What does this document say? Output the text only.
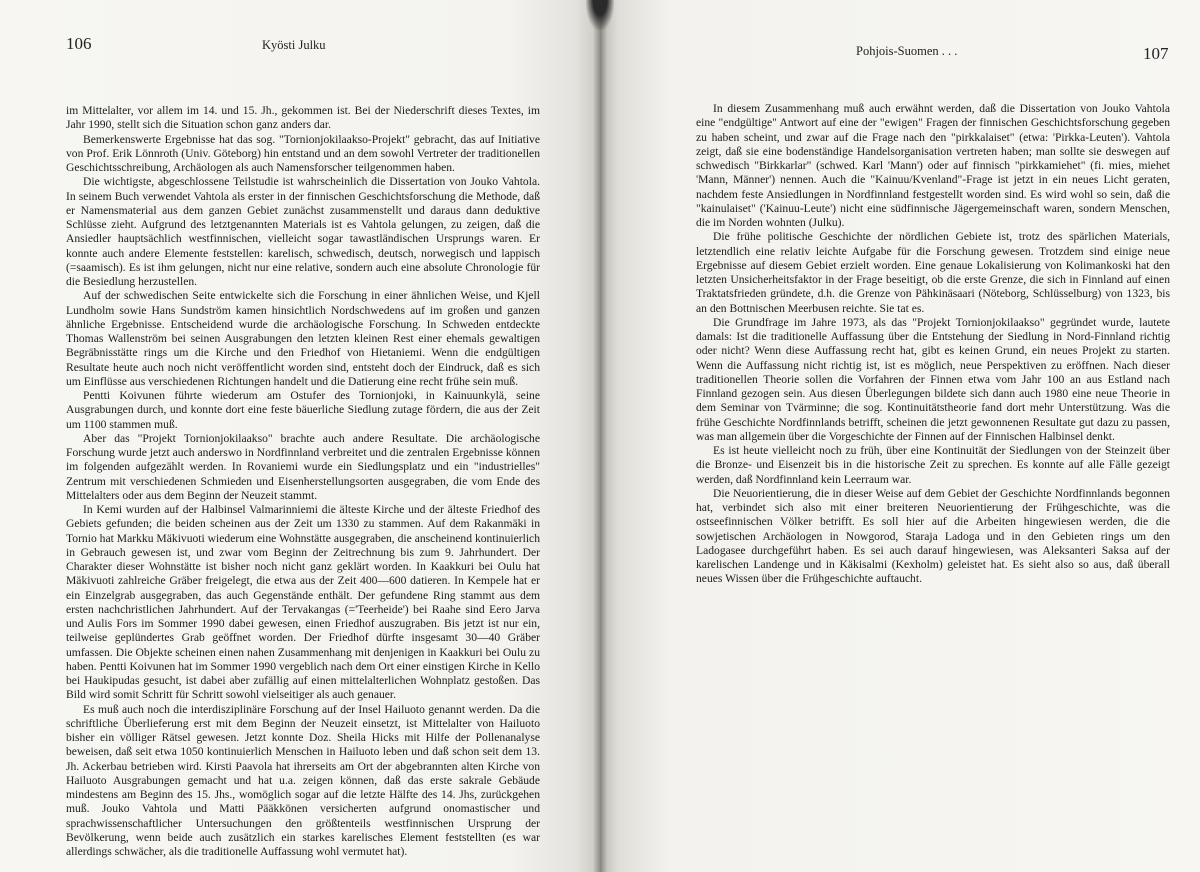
106	Kyösti Julku

im Mittelalter, vor allem im 14. und 15. Jh., gekommen ist. Bei der Niederschrift dieses Textes, im Jahr 1990, stellt sich die Situation schon ganz anders dar.

Bemerkenswerte Ergebnisse hat das sog. "Tornionjokilaakso-Projekt" gebracht, das auf Initiative von Prof. Erik Lönnroth (Univ. Göteborg) hin entstand und an dem sowohl Vertreter der traditionellen Geschichtsschreibung, Archäologen als auch Namensforscher teilgenommen haben.

Die wichtigste, abgeschlossene Teilstudie ist wahrscheinlich die Dissertation von Jouko Vahtola. In seinem Buch verwendet Vahtola als erster in der finnischen Geschichtsforschung die Methode, daß er Namensmaterial aus dem ganzen Gebiet zunächst zusammenstellt und daraus dann deduktive Schlüsse zieht. Aufgrund des letztgenannten Materials ist es Vahtola gelungen, zu zeigen, daß die Ansiedler hauptsächlich westfinnischen, vielleicht sogar tawastländischen Ursprungs waren. Er konnte auch andere Elemente feststellen: karelisch, schwedisch, deutsch, norwegisch und lappisch (=saamisch). Es ist ihm gelungen, nicht nur eine relative, sondern auch eine absolute Chronologie für die Besiedlung herzustellen.

Auf der schwedischen Seite entwickelte sich die Forschung in einer ähnlichen Weise, und Kjell Lundholm sowie Hans Sundström kamen hinsichtlich Nordschwedens auf im großen und ganzen ähnliche Ergebnisse. Entscheidend wurde die archäologische Forschung. In Schweden entdeckte Thomas Wallenström bei seinen Ausgrabungen den letzten kleinen Rest einer ehemals gewaltigen Begräbnisstätte rings um die Kirche und den Friedhof von Hietaniemi. Wenn die endgültigen Resultate heute auch noch nicht veröffentlicht worden sind, entsteht doch der Eindruck, daß es sich um Einflüsse aus verschiedenen Richtungen handelt und die Datierung eine recht frühe sein muß.

Pentti Koivunen führte wiederum am Ostufer des Tornionjoki, in Kainuunkylä, seine Ausgrabungen durch, und konnte dort eine feste bäuerliche Siedlung zutage fördern, die aus der Zeit um 1100 stammen muß.

Aber das "Projekt Tornionjokilaakso" brachte auch andere Resultate. Die archäologische Forschung wurde jetzt auch anderswo in Nordfinnland verbreitet und die zentralen Ergebnisse können im folgenden aufgezählt werden. In Rovaniemi wurde ein Siedlungsplatz und ein "industrielles" Zentrum mit verschiedenen Schmieden und Eisenherstellungsorten ausgegraben, die vom Ende des Mittelalters oder aus dem Beginn der Neuzeit stammt.

In Kemi wurden auf der Halbinsel Valmarinniemi die älteste Kirche und der älteste Friedhof des Gebiets gefunden; die beiden scheinen aus der Zeit um 1330 zu stammen. Auf dem Rakanmäki in Tornio hat Markku Mäkivuoti wiederum eine Wohnstätte ausgegraben, die anscheinend kontinuierlich in Gebrauch gewesen ist, und zwar vom Beginn der Zeitrechnung bis zum 9. Jahrhundert. Der Charakter dieser Wohnstätte ist bisher noch nicht ganz geklärt worden. In Kaakkuri bei Oulu hat Mäkivuoti zahlreiche Gräber freigelegt, die etwa aus der Zeit 400—600 datieren. In Kempele hat er ein Einzelgrab ausgegraben, das auch Gegenstände enthält. Der gefundene Ring stammt aus dem ersten nachchristlichen Jahrhundert. Auf der Tervakangas (='Teerheide') bei Raahe sind Eero Jarva und Aulis Fors im Sommer 1990 dabei gewesen, einen Friedhof auszugraben. Bis jetzt ist nur ein, teilweise geplündertes Grab geöffnet worden. Der Friedhof dürfte insgesamt 30—40 Gräber umfassen. Die Objekte scheinen einen nahen Zusammenhang mit denjenigen in Kaakkuri bei Oulu zu haben. Pentti Koivunen hat im Sommer 1990 vergeblich nach dem Ort einer einstigen Kirche in Kello bei Haukipudas gesucht, ist dabei aber zufällig auf einen mittelalterlichen Wohnplatz gestoßen. Das Bild wird somit Schritt für Schritt sowohl vielseitiger als auch genauer.

Es muß auch noch die interdisziplinäre Forschung auf der Insel Hailuoto genannt werden. Da die schriftliche Überlieferung erst mit dem Beginn der Neuzeit einsetzt, ist Mittelalter von Hailuoto bisher ein völliger Rätsel gewesen. Jetzt konnte Doz. Sheila Hicks mit Hilfe der Pollenanalyse beweisen, daß seit etwa 1050 kontinuierlich Menschen in Hailuoto leben und daß schon seit dem 13. Jh. Ackerbau betrieben wird. Kirsti Paavola hat ihrerseits am Ort der abgebrannten alten Kirche von Hailuoto Ausgrabungen gemacht und hat u.a. zeigen können, daß das erste sakrale Gebäude mindestens am Beginn des 15. Jhs., womöglich sogar auf die letzte Hälfte des 14. Jhs, zurückgehen muß. Jouko Vahtola und Matti Pääkkönen versicherten aufgrund onomastischer und sprachwissenschaftlicher Untersuchungen den größtenteils westfinnischen Ursprung der Bevölkerung, wenn beide auch zusätzlich ein starkes karelisches Element feststellten (es war allerdings schwächer, als die traditionelle Auffassung wohl vermutet hat).

107
Pohjois-Suomen . . .

In diesem Zusammenhang muß auch erwähnt werden, daß die Dissertation von Jouko Vahtola eine "endgültige" Antwort auf eine der "ewigen" Fragen der finnischen Geschichtsforschung gegeben zu haben scheint, und zwar auf die Frage nach den "pirkkalaiset" (etwa: 'Pirkka-Leuten'). Vahtola zeigt, daß sie eine bodenständige Handelsorganisation vertreten haben; man sollte sie deswegen auf schwedisch "Birkkarlar" (schwed. Karl 'Mann') oder auf finnisch "pirkkamiehet" (fi. mies, miehet 'Mann, Männer') nennen. Auch die "Kainuu/Kvenland"-Frage ist jetzt in ein neues Licht geraten, nachdem feste Ansiedlungen in Nordfinnland festgestellt worden sind. Es wird wohl so sein, daß die "kainulaiset" ('Kainuu-Leute') nicht eine südfinnische Jägergemeinschaft waren, sondern Menschen, die im Norden wohnten (Julku).

Die frühe politische Geschichte der nördlichen Gebiete ist, trotz des spärlichen Materials, letztendlich eine relativ leichte Aufgabe für die Forschung gewesen. Trotzdem sind einige neue Ergebnisse auf diesem Gebiet erzielt worden. Eine genaue Lokalisierung von Kolimankoski hat den letzten Unsicherheitsfaktor in der Frage beseitigt, ob die erste Grenze, die sich in Finnland auf einen Traktatsfrieden gründete, d.h. die Grenze von Pähkinäsaari (Nöteborg, Schlüsselburg) von 1323, bis an den Bottnischen Meerbusen reichte. Sie tat es.

Die Grundfrage im Jahre 1973, als das "Projekt Tornionjokilaakso" gegründet wurde, lautete damals: Ist die traditionelle Auffassung über die Entstehung der Siedlung in Nord-Finnland richtig oder nicht? Wenn diese Auffassung recht hat, gibt es keinen Grund, ein neues Projekt zu starten. Wenn die Auffassung nicht richtig ist, ist es möglich, neue Perspektiven zu eröffnen. Nach dieser traditionellen Theorie sollen die Vorfahren der Finnen etwa vom Jahr 100 an aus Estland nach Finnland gezogen sein. Aus diesen Überlegungen bildete sich dann auch 1980 eine neue Theorie in dem Seminar von Tvärminne; die sog. Kontinuitätstheorie fand dort mehr Unterstützung. Was die frühe Geschichte Nordfinnlands betrifft, scheinen die jetzt gewonnenen Resultate gut dazu zu passen, was man allgemein über die Vorgeschichte der Finnen auf der Finnischen Halbinsel denkt.

Es ist heute vielleicht noch zu früh, über eine Kontinuität der Siedlungen von der Steinzeit über die Bronze- und Eisenzeit bis in die historische Zeit zu sprechen. Es konnte auf alle Fälle gezeigt werden, daß Nordfinnland kein Leerraum war.

Die Neuorientierung, die in dieser Weise auf dem Gebiet der Geschichte Nordfinnlands begonnen hat, verbindet sich also mit einer breiteren Neuorientierung der Frühgeschichte, was die ostseefinnischen Völker betrifft. Es soll hier auf die Arbeiten hingewiesen werden, die die sowjetischen Archäologen in Nowgorod, Staraja Ladoga und in den Gebieten rings um den Ladogasee durchgeführt haben. Es sei auch darauf hingewiesen, was Aleksanteri Saksa auf der karelischen Landenge und in Käkisalmi (Kexholm) geleistet hat. Es sieht also so aus, daß überall neues Wissen über die Frühgeschichte auftaucht.
